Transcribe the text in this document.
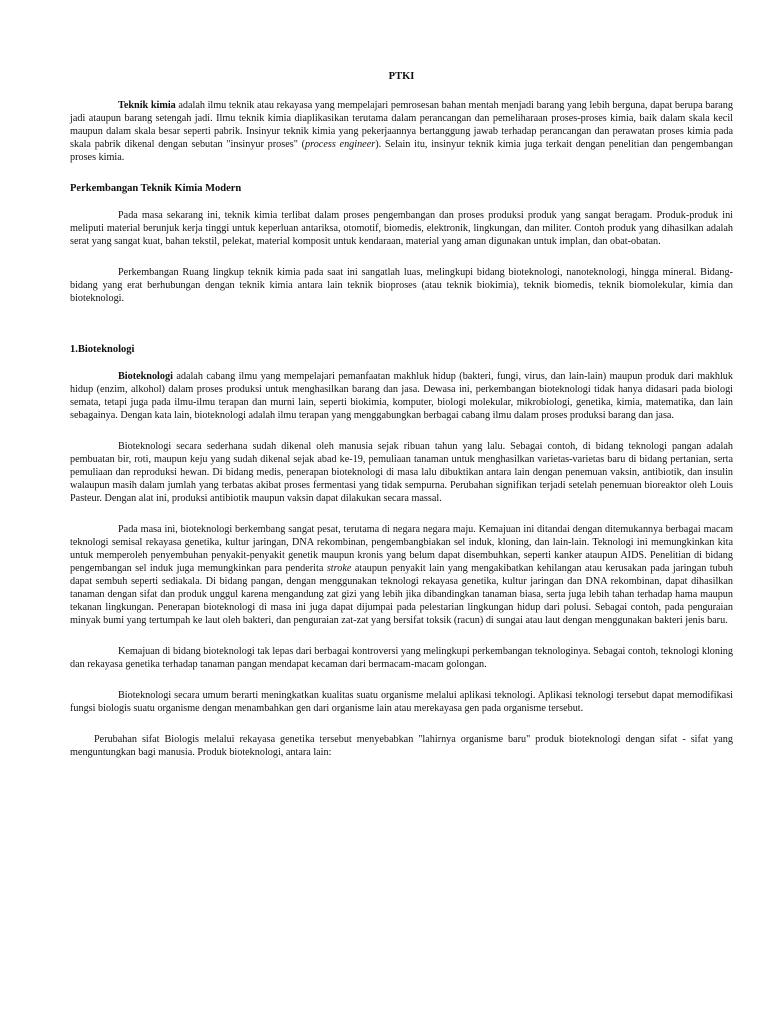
PTKI

Teknik kimia adalah ilmu teknik atau rekayasa yang mempelajari pemrosesan bahan mentah menjadi barang yang lebih berguna, dapat berupa barang jadi ataupun barang setengah jadi. Ilmu teknik kimia diaplikasikan terutama dalam perancangan dan pemeliharaan proses-proses kimia, baik dalam skala kecil maupun dalam skala besar seperti pabrik. Insinyur teknik kimia yang pekerjaannya bertanggung jawab terhadap perancangan dan perawatan proses kimia pada skala pabrik dikenal dengan sebutan "insinyur proses" (process engineer). Selain itu, insinyur teknik kimia juga terkait dengan penelitian dan pengembangan proses kimia.

Perkembangan Teknik Kimia Modern

Pada masa sekarang ini, teknik kimia terlibat dalam proses pengembangan dan proses produksi produk yang sangat beragam. Produk-produk ini meliputi material berunjuk kerja tinggi untuk keperluan antariksa, otomotif, biomedis, elektronik, lingkungan, dan militer. Contoh produk yang dihasilkan adalah serat yang sangat kuat, bahan tekstil, pelekat, material komposit untuk kendaraan, material yang aman digunakan untuk implan, dan obat-obatan.

Perkembangan Ruang lingkup teknik kimia pada saat ini sangatlah luas, melingkupi bidang bioteknologi, nanoteknologi, hingga mineral. Bidang-bidang yang erat berhubungan dengan teknik kimia antara lain teknik bioproses (atau teknik biokimia), teknik biomedis, teknik biomolekular, kimia dan bioteknologi.

1.Bioteknologi

Bioteknologi adalah cabang ilmu yang mempelajari pemanfaatan makhluk hidup (bakteri, fungi, virus, dan lain-lain) maupun produk dari makhluk hidup (enzim, alkohol) dalam proses produksi untuk menghasilkan barang dan jasa. Dewasa ini, perkembangan bioteknologi tidak hanya didasari pada biologi semata, tetapi juga pada ilmu-ilmu terapan dan murni lain, seperti biokimia, komputer, biologi molekular, mikrobiologi, genetika, kimia, matematika, dan lain sebagainya. Dengan kata lain, bioteknologi adalah ilmu terapan yang menggabungkan berbagai cabang ilmu dalam proses produksi barang dan jasa.

Bioteknologi secara sederhana sudah dikenal oleh manusia sejak ribuan tahun yang lalu. Sebagai contoh, di bidang teknologi pangan adalah pembuatan bir, roti, maupun keju yang sudah dikenal sejak abad ke-19, pemuliaan tanaman untuk menghasilkan varietas-varietas baru di bidang pertanian, serta pemuliaan dan reproduksi hewan. Di bidang medis, penerapan bioteknologi di masa lalu dibuktikan antara lain dengan penemuan vaksin, antibiotik, dan insulin walaupun masih dalam jumlah yang terbatas akibat proses fermentasi yang tidak sempurna. Perubahan signifikan terjadi setelah penemuan bioreaktor oleh Louis Pasteur. Dengan alat ini, produksi antibiotik maupun vaksin dapat dilakukan secara massal.

Pada masa ini, bioteknologi berkembang sangat pesat, terutama di negara negara maju. Kemajuan ini ditandai dengan ditemukannya berbagai macam teknologi semisal rekayasa genetika, kultur jaringan, DNA rekombinan, pengembangbiakan sel induk, kloning, dan lain-lain. Teknologi ini memungkinkan kita untuk memperoleh penyembuhan penyakit-penyakit genetik maupun kronis yang belum dapat disembuhkan, seperti kanker ataupun AIDS. Penelitian di bidang pengembangan sel induk juga memungkinkan para penderita stroke ataupun penyakit lain yang mengakibatkan kehilangan atau kerusakan pada jaringan tubuh dapat sembuh seperti sediakala. Di bidang pangan, dengan menggunakan teknologi rekayasa genetika, kultur jaringan dan DNA rekombinan, dapat dihasilkan tanaman dengan sifat dan produk unggul karena mengandung zat gizi yang lebih jika dibandingkan tanaman biasa, serta juga lebih tahan terhadap hama maupun tekanan lingkungan. Penerapan bioteknologi di masa ini juga dapat dijumpai pada pelestarian lingkungan hidup dari polusi. Sebagai contoh, pada penguraian minyak bumi yang tertumpah ke laut oleh bakteri, dan penguraian zat-zat yang bersifat toksik (racun) di sungai atau laut dengan menggunakan bakteri jenis baru.

Kemajuan di bidang bioteknologi tak lepas dari berbagai kontroversi yang melingkupi perkembangan teknologinya. Sebagai contoh, teknologi kloning dan rekayasa genetika terhadap tanaman pangan mendapat kecaman dari bermacam-macam golongan.

Bioteknologi secara umum berarti meningkatkan kualitas suatu organisme melalui aplikasi teknologi. Aplikasi teknologi tersebut dapat memodifikasi fungsi biologis suatu organisme dengan menambahkan gen dari organisme lain atau merekayasa gen pada organisme tersebut.

Perubahan sifat Biologis melalui rekayasa genetika tersebut menyebabkan "lahirnya organisme baru" produk bioteknologi dengan sifat - sifat yang menguntungkan bagi manusia. Produk bioteknologi, antara lain:
